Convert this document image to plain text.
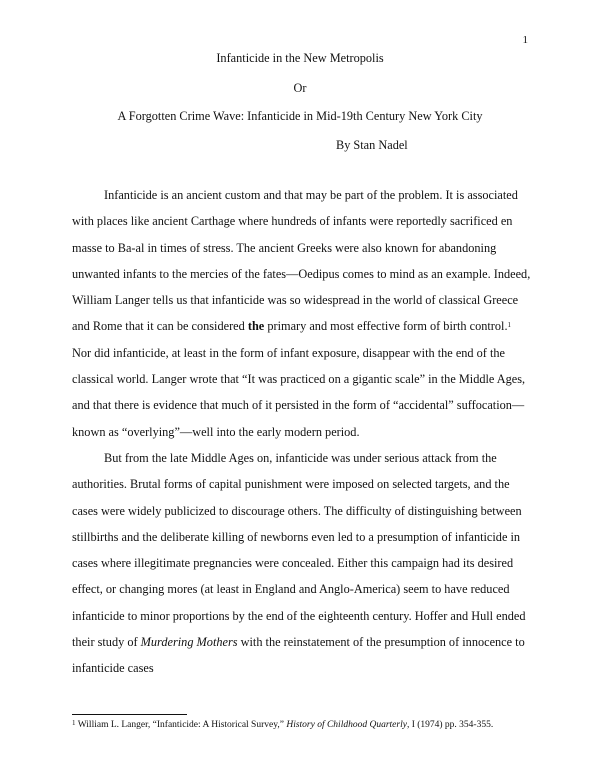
1
Infanticide in the New Metropolis
Or
A Forgotten Crime Wave: Infanticide in Mid-19th Century New York City
By Stan Nadel

Infanticide is an ancient custom and that may be part of the problem. It is associated with places like ancient Carthage where hundreds of infants were reportedly sacrificed en masse to Ba-al in times of stress. The ancient Greeks were also known for abandoning unwanted infants to the mercies of the fates—Oedipus comes to mind as an example. Indeed, William Langer tells us that infanticide was so widespread in the world of classical Greece and Rome that it can be considered the primary and most effective form of birth control.$^1$ Nor did infanticide, at least in the form of infant exposure, disappear with the end of the classical world. Langer wrote that “It was practiced on a gigantic scale” in the Middle Ages, and that there is evidence that much of it persisted in the form of “accidental” suffocation—known as “overlying”—well into the early modern period.

But from the late Middle Ages on, infanticide was under serious attack from the authorities. Brutal forms of capital punishment were imposed on selected targets, and the cases were widely publicized to discourage others. The difficulty of distinguishing between stillbirths and the deliberate killing of newborns even led to a presumption of infanticide in cases where illegitimate pregnancies were concealed. Either this campaign had its desired effect, or changing mores (at least in England and Anglo-America) seem to have reduced infanticide to minor proportions by the end of the eighteenth century. Hoffer and Hull ended their study of Murdering Mothers with the reinstatement of the presumption of innocence to infanticide cases

$^1$ William L. Langer, “Infanticide: A Historical Survey,” History of Childhood Quarterly, I (1974) pp. 354-355.
